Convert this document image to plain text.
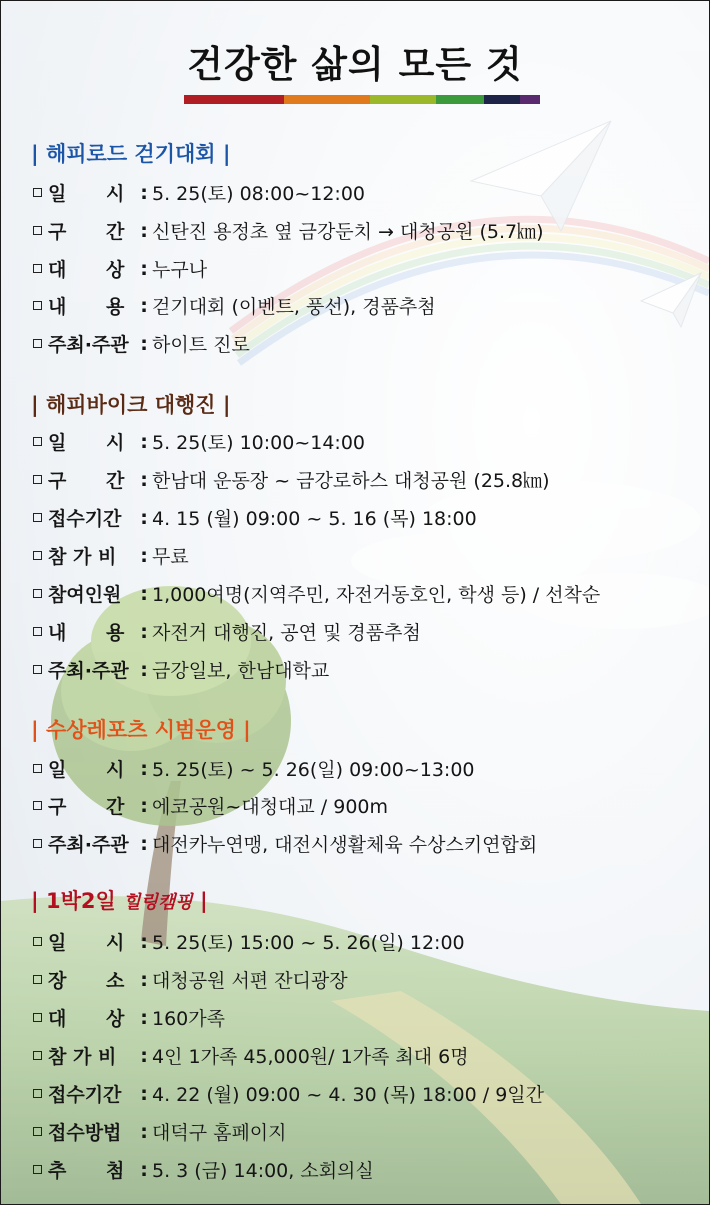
건강한 삶의 모든 것
| 해피로드 걷기대회 |
일      시 : 5. 25(토) 08:00~12:00
구      간 : 신탄진 용정초 옆 금강둔치 → 대청공원 (5.7㎞)
대      상 : 누구나
내      용 : 걷기대회 (이벤트, 풍선), 경품추첨
주최·주관 : 하이트 진로
| 해피바이크 대행진 |
일      시 : 5. 25(토) 10:00~14:00
구      간 : 한남대 운동장 ~ 금강로하스 대청공원 (25.8㎞)
접수기간 : 4. 15 (월) 09:00 ~ 5. 16 (목) 18:00
참 가 비	: 무료
참여인원 : 1,000여명(지역주민, 자전거동호인, 학생 등) / 선착순
내      용 : 자전거 대행진, 공연 및 경품추첨
주최·주관 : 금강일보, 한남대학교
| 수상레포츠 시범운영 |
일      시 : 5. 25(토) ~ 5. 26(일) 09:00~13:00
구      간 : 에코공원~대청대교 / 900m
주최·주관 : 대전카누연맹, 대전시생활체육 수상스키연합회
| 1박2일 힐링캠핑 |
일      시 : 5. 25(토) 15:00 ~ 5. 26(일) 12:00
장      소 : 대청공원 서편 잔디광장
대      상 : 160가족
참 가 비	: 4인 1가족 45,000원/ 1가족 최대 6명
접수기간 : 4. 22 (월) 09:00 ~ 4. 30 (목) 18:00 / 9일간
접수방법 : 대덕구 홈페이지
추      첨 : 5. 3 (금) 14:00, 소회의실
